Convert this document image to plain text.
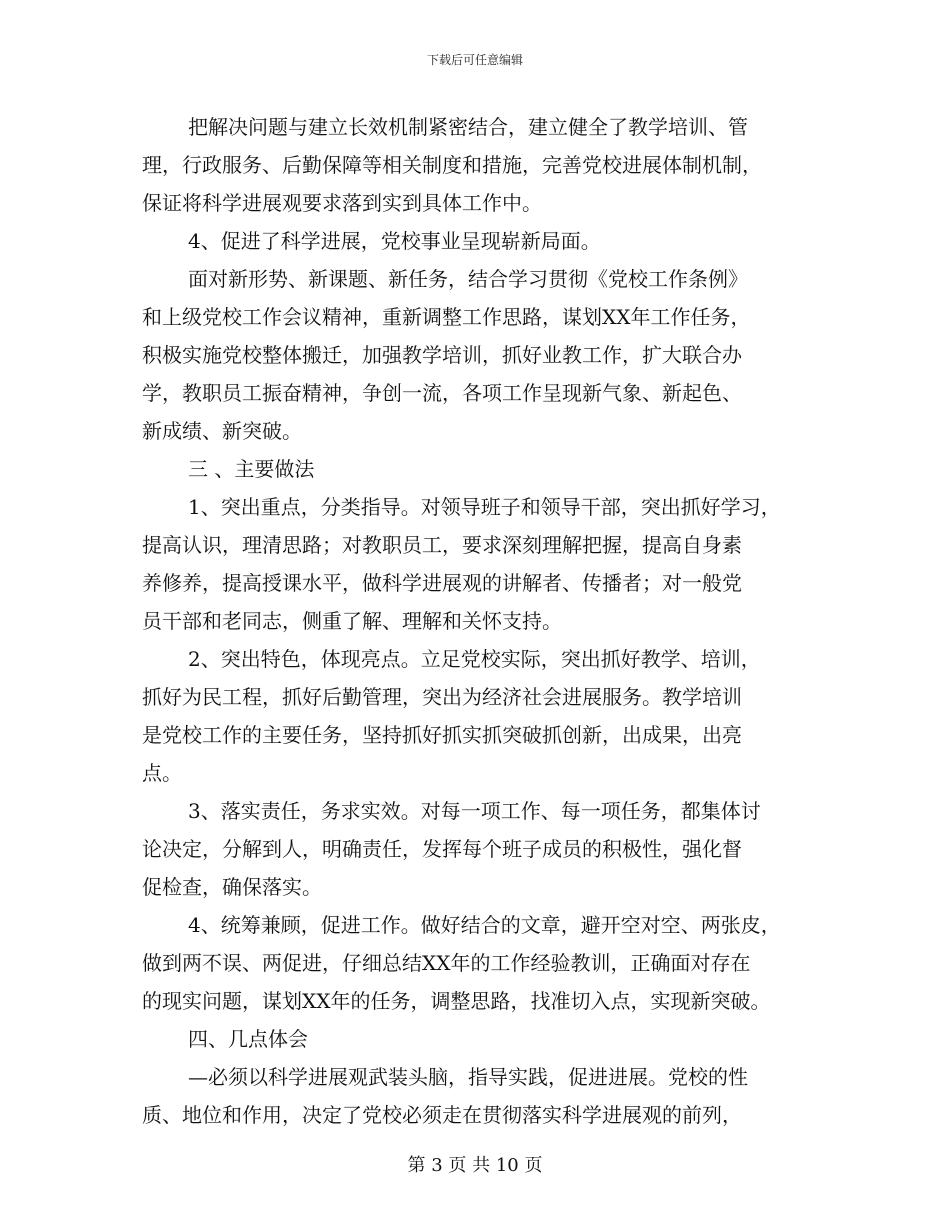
下载后可任意编辑
把解决问题与建立长效机制紧密结合，建立健全了教学培训、管
理，行政服务、后勤保障等相关制度和措施，完善党校进展体制机制，
保证将科学进展观要求落到实到具体工作中。
4、促进了科学进展，党校事业呈现崭新局面。
面对新形势、新课题、新任务，结合学习贯彻《党校工作条例》
和上级党校工作会议精神，重新调整工作思路，谋划XX年工作任务，
积极实施党校整体搬迁，加强教学培训，抓好业教工作，扩大联合办
学，教职员工振奋精神，争创一流，各项工作呈现新气象、新起色、
新成绩、新突破。
三 、主要做法
1、突出重点，分类指导。对领导班子和领导干部，突出抓好学习，
提高认识，理清思路；对教职员工，要求深刻理解把握，提高自身素
养修养，提高授课水平，做科学进展观的讲解者、传播者；对一般党
员干部和老同志，侧重了解、理解和关怀支持。
2、突出特色，体现亮点。立足党校实际，突出抓好教学、培训，
抓好为民工程，抓好后勤管理，突出为经济社会进展服务。教学培训
是党校工作的主要任务，坚持抓好抓实抓突破抓创新，出成果，出亮
点。
3、落实责任，务求实效。对每一项工作、每一项任务，都集体讨
论决定，分解到人，明确责任，发挥每个班子成员的积极性，强化督
促检查，确保落实。
4、统筹兼顾，促进工作。做好结合的文章，避开空对空、两张皮，
做到两不误、两促进，仔细总结XX年的工作经验教训，正确面对存在
的现实问题，谋划XX年的任务，调整思路，找准切入点，实现新突破。
四、几点体会
—必须以科学进展观武装头脑，指导实践，促进进展。党校的性
质、地位和作用，决定了党校必须走在贯彻落实科学进展观的前列，
第 3 页 共 10 页
